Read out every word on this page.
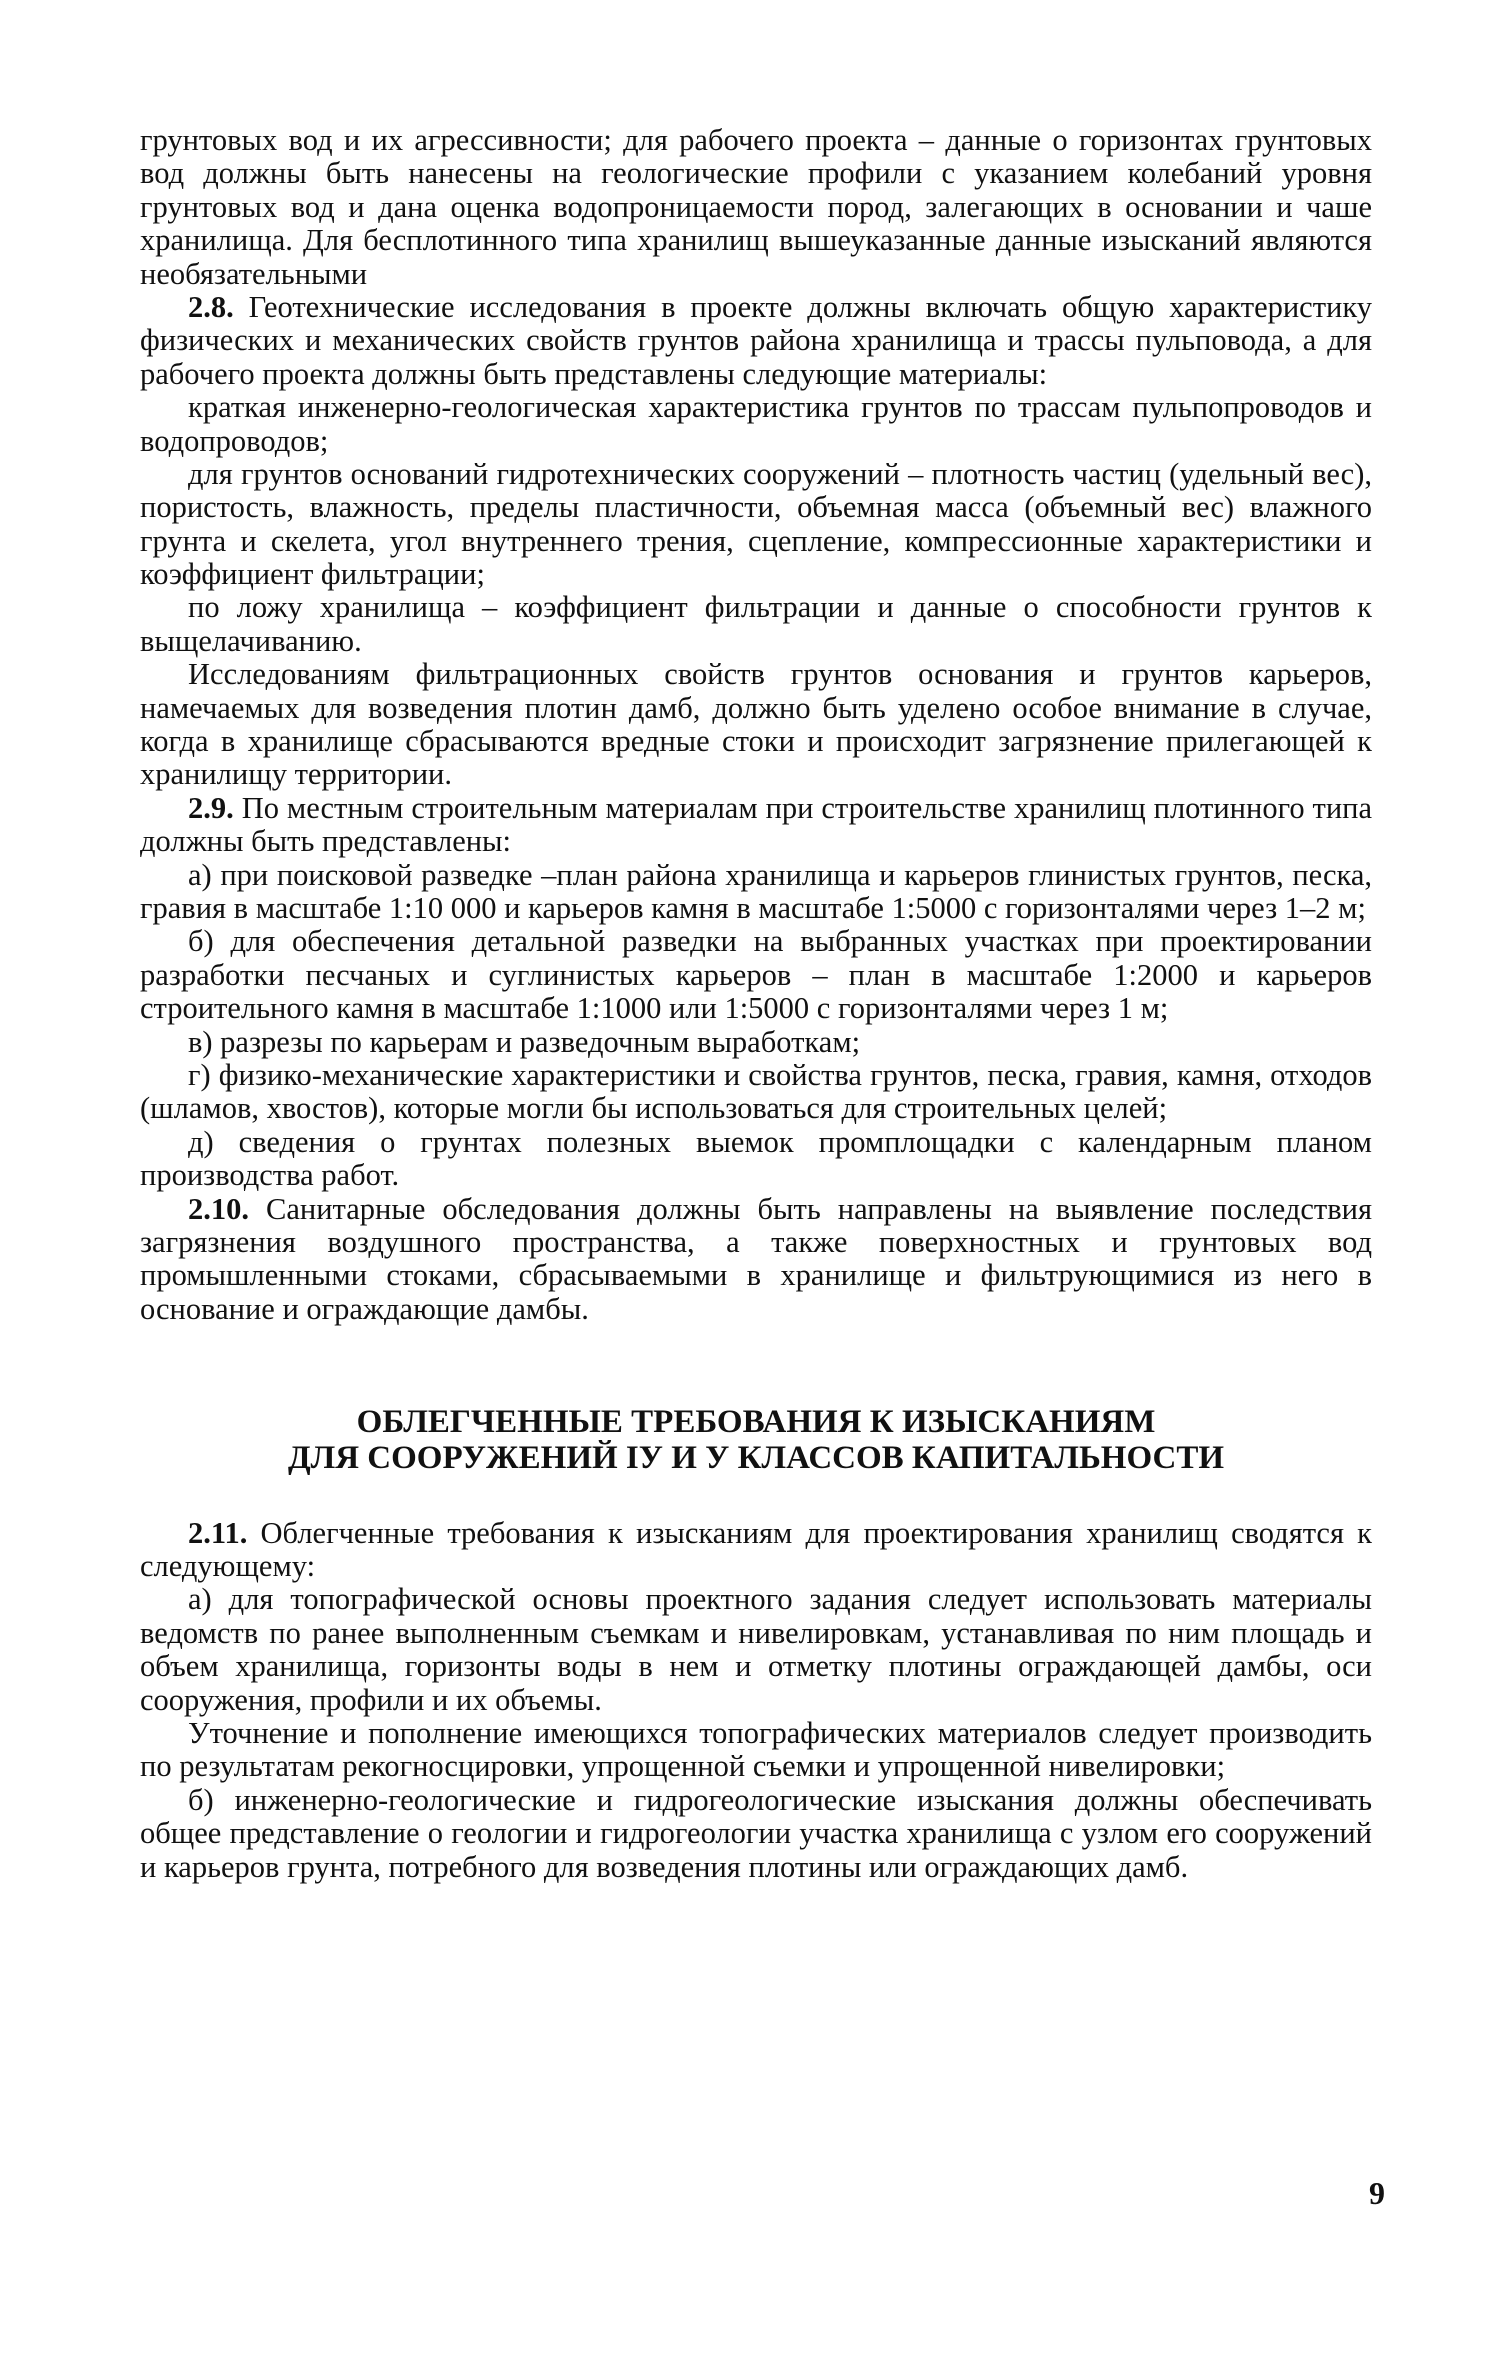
грунтовых вод и их агрессивности; для рабочего проекта – данные о горизонтах грунтовых вод должны быть нанесены на геологические профили с указанием колебаний уровня грунтовых вод и дана оценка водопроницаемости пород, залегающих в основании и чаше хранилища. Для бесплотинного типа хранилищ вышеуказанные данные изысканий являются необязательными

2.8. Геотехнические исследования в проекте должны включать общую характеристику физических и механических свойств грунтов района хранилища и трассы пульповода, а для рабочего проекта должны быть представлены следующие материалы:

краткая инженерно-геологическая характеристика грунтов по трассам пульпопроводов и водопроводов;

для грунтов оснований гидротехнических сооружений – плотность частиц (удельный вес), пористость, влажность, пределы пластичности, объемная масса (объемный вес) влажного грунта и скелета, угол внутреннего трения, сцепление, компрессионные характеристики и коэффициент фильтрации;

по ложу хранилища – коэффициент фильтрации и данные о способности грунтов к выщелачиванию.

Исследованиям фильтрационных свойств грунтов основания и грунтов карьеров, намечаемых для возведения плотин дамб, должно быть уделено особое внимание в случае, когда в хранилище сбрасываются вредные стоки и происходит загрязнение прилегающей к хранилищу территории.

2.9. По местным строительным материалам при строительстве хранилищ плотинного типа должны быть представлены:

а) при поисковой разведке –план района хранилища и карьеров глинистых грунтов, песка, гравия в масштабе 1:10 000 и карьеров камня в масштабе 1:5000 с горизонталями через 1–2 м;

б) для обеспечения детальной разведки на выбранных участках при проектировании разработки песчаных и суглинистых карьеров – план в масштабе 1:2000 и карьеров строительного камня в масштабе 1:1000 или 1:5000 с горизонталями через 1 м;

в) разрезы по карьерам и разведочным выработкам;

г) физико-механические характеристики и свойства грунтов, песка, гравия, камня, отходов (шламов, хвостов), которые могли бы использоваться для строительных целей;

д) сведения о грунтах полезных выемок промплощадки с календарным планом производства работ.

2.10. Санитарные обследования должны быть направлены на выявление последствия загрязнения воздушного пространства, а также поверхностных и грунтовых вод промышленными стоками, сбрасываемыми в хранилище и фильтрующимися из него в основание и ограждающие дамбы.

ОБЛЕГЧЕННЫЕ ТРЕБОВАНИЯ К ИЗЫСКАНИЯМ
ДЛЯ СООРУЖЕНИЙ IУ И У КЛАССОВ КАПИТАЛЬНОСТИ

2.11. Облегченные требования к изысканиям для проектирования хранилищ сводятся к следующему:

а) для топографической основы проектного задания следует использовать материалы ведомств по ранее выполненным съемкам и нивелировкам, устанавливая по ним площадь и объем хранилища, горизонты воды в нем и отметку плотины ограждающей дамбы, оси сооружения, профили и их объемы.

Уточнение и пополнение имеющихся топографических материалов следует производить по результатам рекогносцировки, упрощенной съемки и упрощенной нивелировки;

б) инженерно-геологические и гидрогеологические изыскания должны обеспечивать общее представление о геологии и гидрогеологии участка хранилища с узлом его сооружений и карьеров грунта, потребного для возведения плотины или ограждающих дамб.

9
